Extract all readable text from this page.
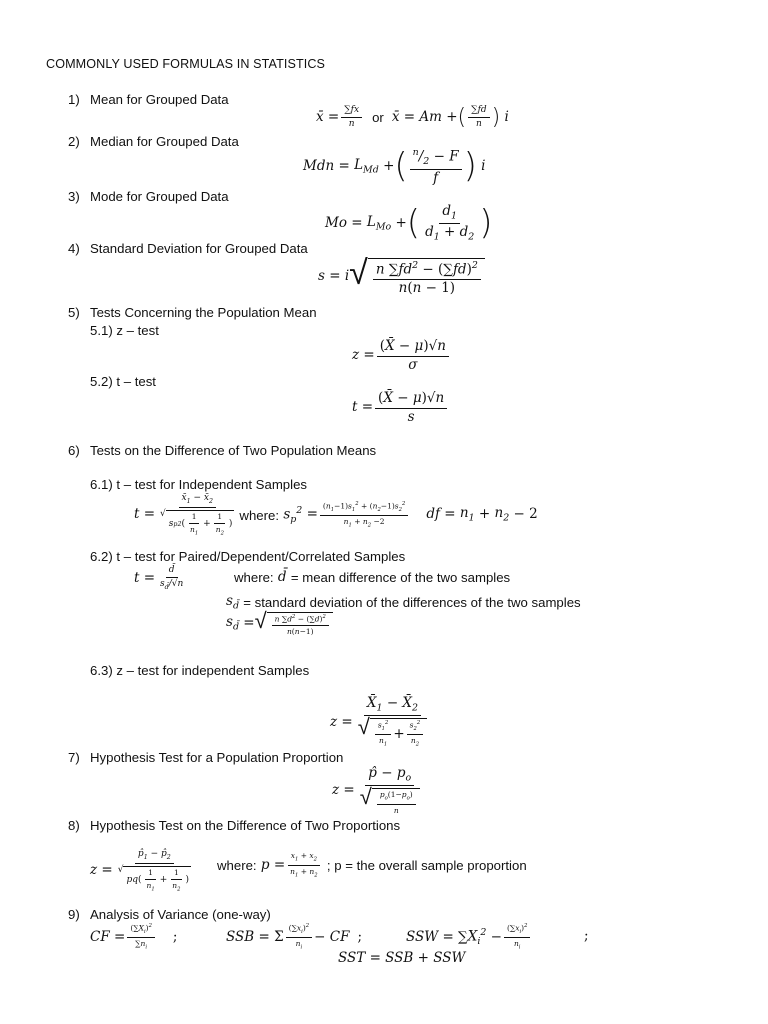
COMMONLY USED FORMULAS IN STATISTICS
1) Mean for Grouped Data
x̄
= $\frac{\sum fx}{n}$ or x̄
=
Am
+ ( $\frac{\sum fd}{n}$ )
i
2) Median for Grouped Data
Mdn
=
$L_{Md}$
+ ( $\frac{^n/_2 - F}{f}$ )
i
3) Mode for Grouped Data
Mo
=
$L_{Mo}$
+ ( $\frac{d_1}{d_1 + d_2}$ )
4) Standard Deviation for Grouped Data
s
=
i √ $\frac{n \sum fd^2 - (\sum fd)^2}{n(n - 1)}$
5) Tests Concerning the Population Mean
5.1) z – test
z
= $\frac{(X̄ - \mu)√n}{\sigma}$
5.2) t – test
t
= $\frac{(X̄ - \mu)√n}{s}$
6) Tests on the Difference of Two Population Means
6.1) t – test for Independent Samples
t
= $x̄_1$ − $x̄_2$
√
s p 2 ( $\frac{1}{n_1} + \frac{1}{n_2}$ ) where:
$s_p^2$
= $\frac{(n_1-1)s_1^2 + (n_2-1)s_2^2}{n_1 + n_2 -2}$ df
=
$n_1$
+
$n_2$
− 2
6.2) t – test for Paired/Dependent/Correlated Samples
t
= $\frac{d̄}{s_{d̄}/√n}$	where:
d̄
= mean difference of the two samples
$s_{d̄}$
= standard deviation of the differences of the two samples
$s_{d̄}$
= √ $\frac{n \sum d^2 - (\sum d)^2}{n(n-1)}$
6.3) z – test for independent Samples
z
= $\frac{X̄_1 - X̄_2}{√ \frac{s_1^2}{n_1} + \frac{s_2^2}{n_2}}$
7) Hypothesis Test for a Population Proportion
z
= $\frac{p̂ - p_o}{√ \frac{p_o(1-p_o)}{n}}$
8) Hypothesis Test on the Difference of Two Proportions
z
= $p̂_1$ − $p̂_2$
√
pq ( $\frac{1}{n_1} + \frac{1}{n_2}$ ) where:
p
= $\frac{x_1 + x_2}{n_1 + n_2}$
; p = the overall sample proportion
9) Analysis of Variance (one-way)
CF
= $\frac{(\sum X_i)^2}{\sum n_i}$ ;	SSB
= Σ $\frac{(\sum x_i)^2}{n_i}$ −
CF ;	SSW
= ∑ $X_i^2$
− $\frac{(\sum x_i)^2}{n_i}$	;
SST
=
SSB
+
SSW
